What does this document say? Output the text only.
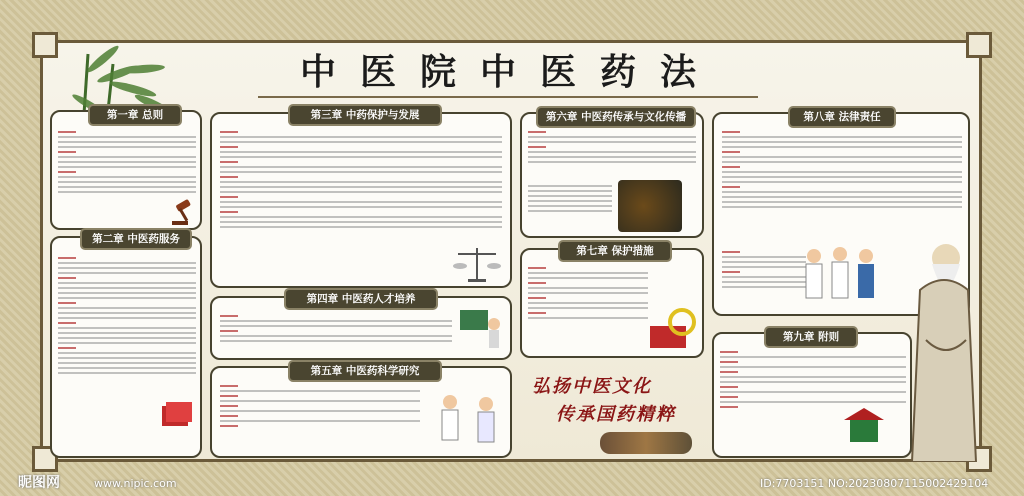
中医院中医药法
第一章 总则
第二章 中医药服务
第三章 中药保护与发展
第四章 中医药人才培养
第五章 中医药科学研究
第六章 中医药传承与文化传播
第七章 保护措施
弘扬中医文化
传承国药精粹
第八章 法律责任
第九章 附则
昵图网	www.nipic.com	ID:7703151 NO:20230807115002429104
